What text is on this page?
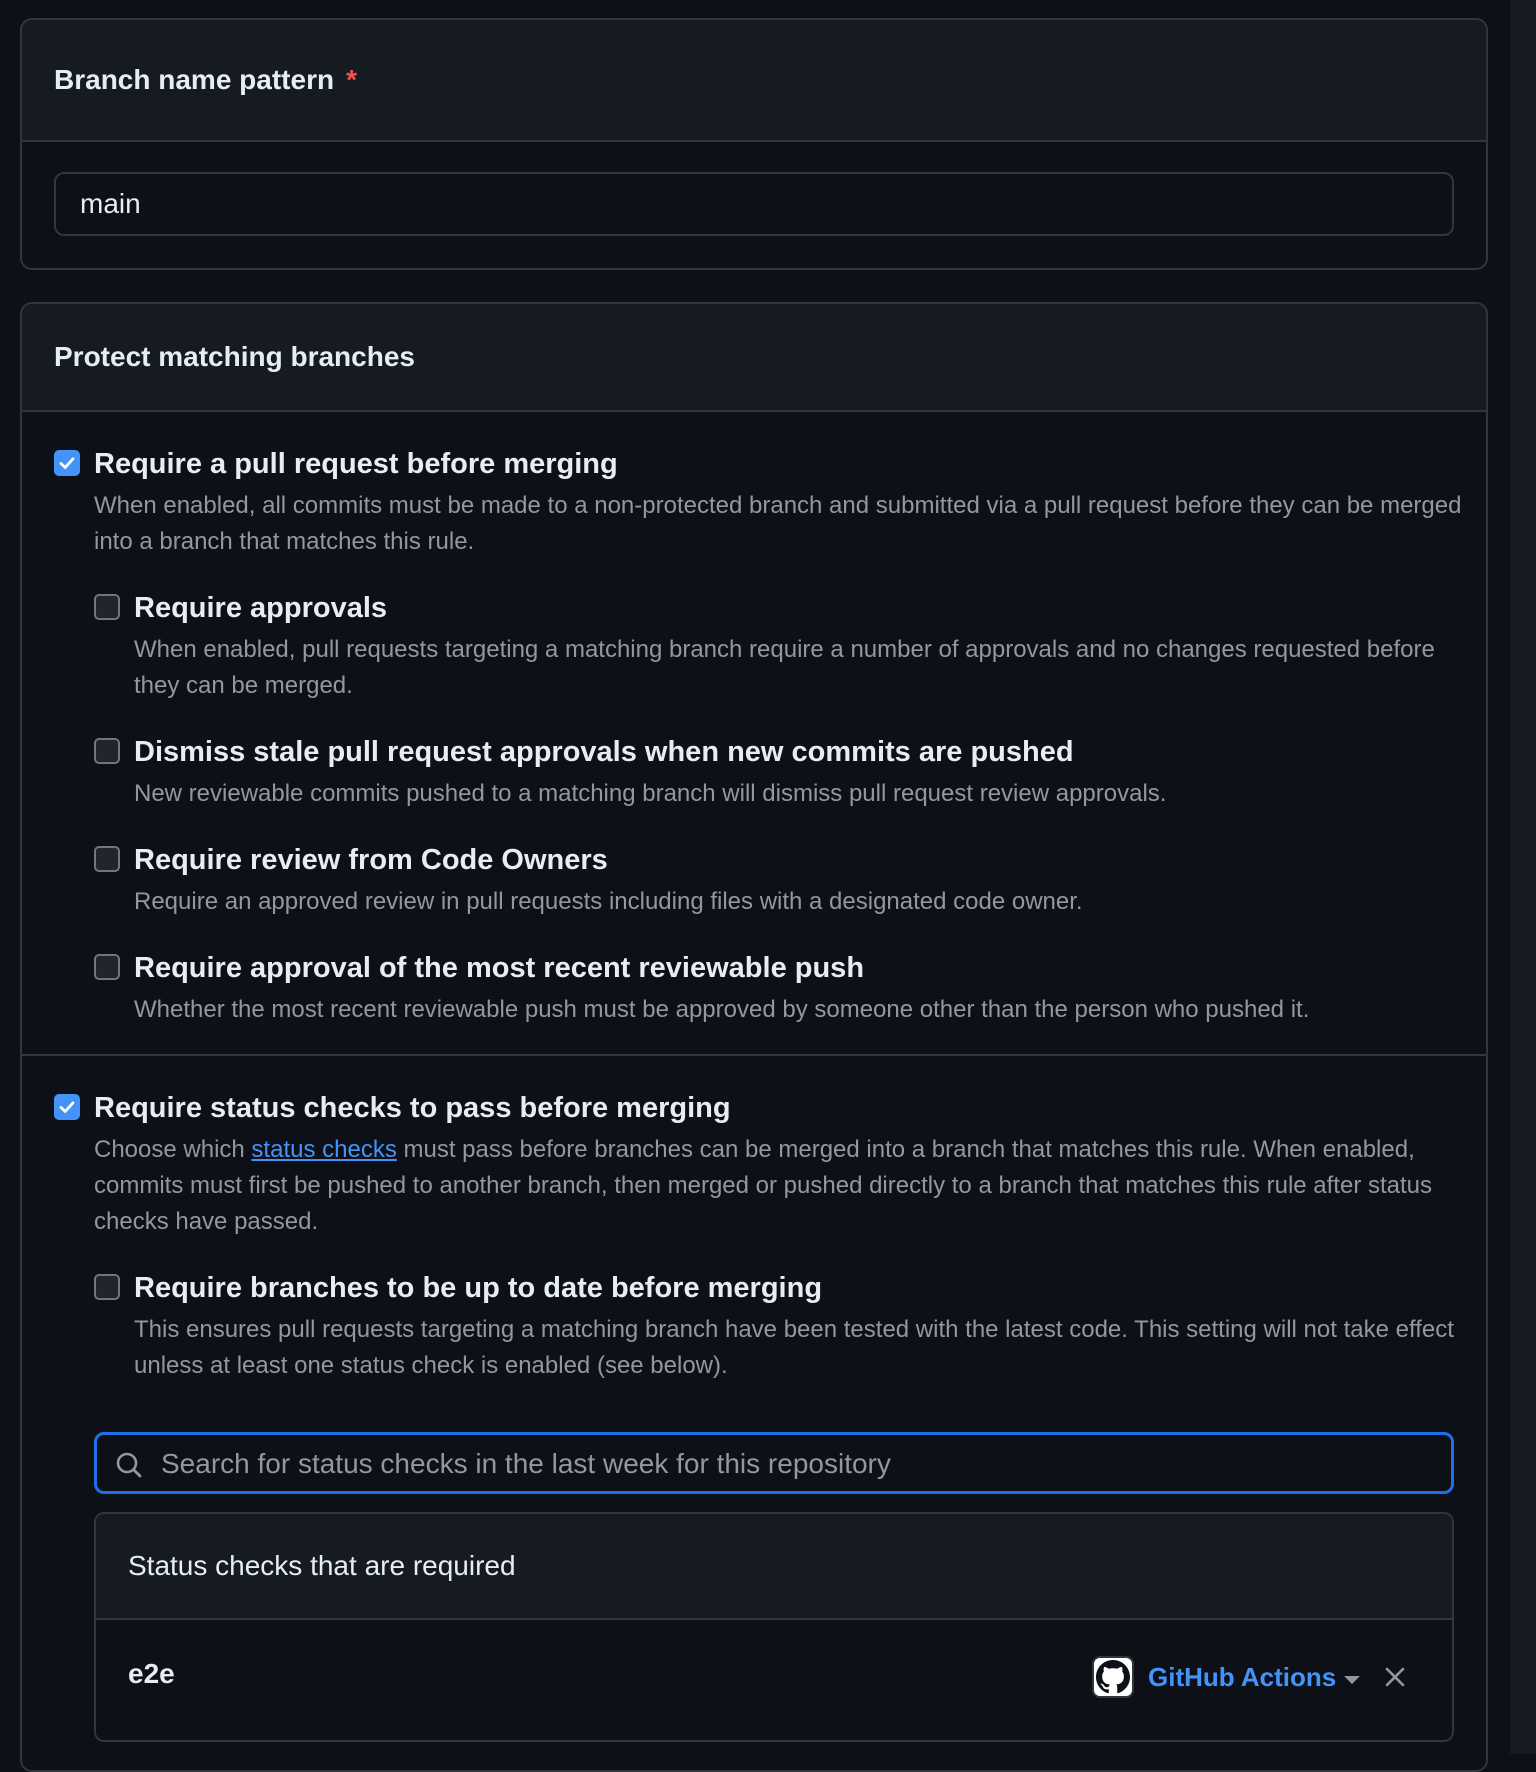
Branch name pattern *
main
Protect matching branches
Require a pull request before merging
When enabled, all commits must be made to a non-protected branch and submitted via a pull request before they can be merged into a branch that matches this rule.
Require approvals
When enabled, pull requests targeting a matching branch require a number of approvals and no changes requested before they can be merged.
Dismiss stale pull request approvals when new commits are pushed
New reviewable commits pushed to a matching branch will dismiss pull request review approvals.
Require review from Code Owners
Require an approved review in pull requests including files with a designated code owner.
Require approval of the most recent reviewable push
Whether the most recent reviewable push must be approved by someone other than the person who pushed it.
Require status checks to pass before merging
Choose which status checks must pass before branches can be merged into a branch that matches this rule. When enabled, commits must first be pushed to another branch, then merged or pushed directly to a branch that matches this rule after status checks have passed.
Require branches to be up to date before merging
This ensures pull requests targeting a matching branch have been tested with the latest code. This setting will not take effect unless at least one status check is enabled (see below).
Search for status checks in the last week for this repository
Status checks that are required
e2e	GitHub Actions
